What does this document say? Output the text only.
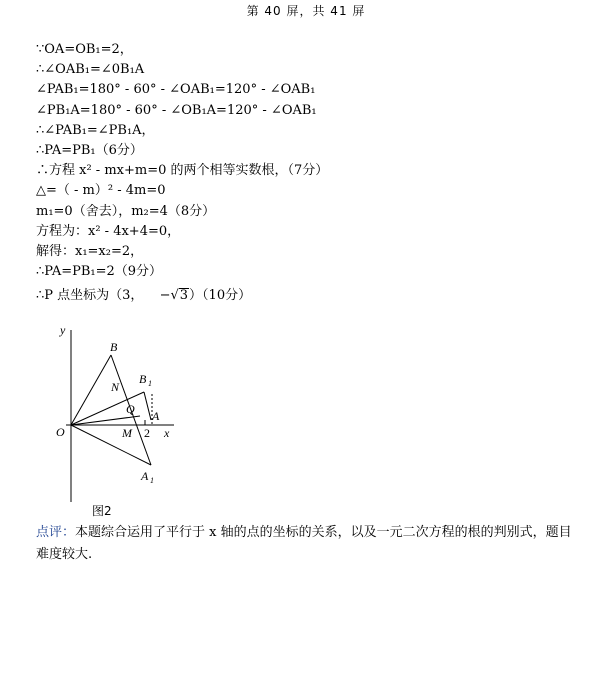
第 40 屏，共 41 屏
∵OA=OB₁=2，
∴∠OAB₁=∠0B₁A
∠PAB₁=180° - 60° - ∠OAB₁=120° - ∠OAB₁
∠PB₁A=180° - 60° - ∠OB₁A=120° - ∠OAB₁
∴∠PAB₁=∠PB₁A，
∴PA=PB₁（6分）
∴方程 x² - mx+m=0 的两个相等实数根，（7分）
△=（ - m）² - 4m=0
m₁=0（舍去），m₂=4（8分）
方程为：x² - 4x+4=0，
解得：x₁=x₂=2，
∴PA=PB₁=2（9分）
∴P 点坐标为（3， −√3）（10分）
y
x
O
B
B 1
N
Q A
M 2
A 1
图2
点评：本题综合运用了平行于 x 轴的点的坐标的关系，以及一元二次方程的根的判别式，题目难度较大.
